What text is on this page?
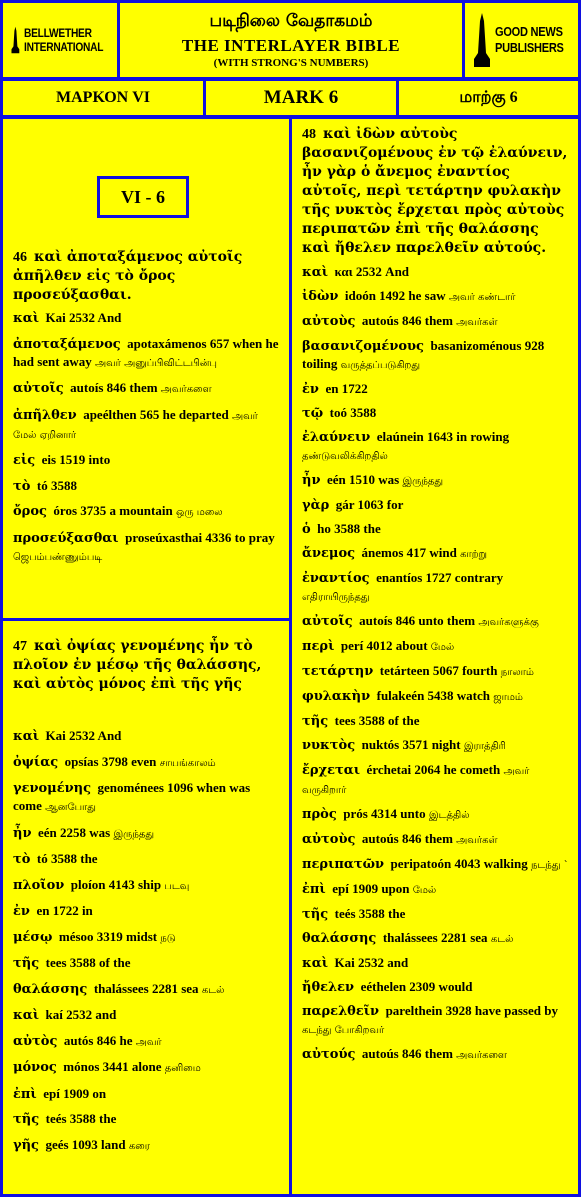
BELLWETHER
INTERNATIONAL
படிநிலை வேதாகமம்
THE INTERLAYER BIBLE
(WITH STRONG'S NUMBERS)
GOOD NEWS
PUBLISHERS
ΜΑΡΚΟΝ VI	MARK 6	மாற்கு 6
VI - 6
46 καὶ ἀποταξάμενος αὐτοῖς ἀπῆλθεν εἰς τὸ ὄρος προσεύξασθαι.
καὶ Kai 2532 And
ἀποταξάμενος apotaxámenos 657 when he had sent away அவர் அனுப்பிவிட்டபின்பு
αὐτοῖς autoís 846 them அவர்களை
ἀπῆλθεν apeélthen 565 he departed அவர் மேல் ஏறினார்
εἰς eis 1519 into
τὸ tó 3588
ὄρος óros 3735 a mountain ஒரு மலை
προσεύξασθαι proseúxasthai 4336 to pray ஜெபம்பண்ணும்படி
47 καὶ ὀψίας γενομένης ἦν τὸ πλοῖον ἐν μέσῳ τῆς θαλάσσης, καὶ αὐτὸς μόνος ἐπὶ τῆς γῆς
καὶ Kai 2532 And
ὀψίας opsías 3798 even சாயங்காலம்
γενομένης genoménees 1096 when was come ஆனபோது
ἦν eén 2258 was இருந்தது
τὸ tó 3588 the
πλοῖον ploíon 4143 ship படவு
ἐν en 1722 in
μέσῳ mésoo 3319 midst நடு
τῆς tees 3588 of the
θαλάσσης thalássees 2281 sea கடல்
καὶ kaí 2532 and
αὐτὸς autós 846 he அவர்
μόνος mónos 3441 alone தனிமை
ἐπὶ epí 1909 on
τῆς teés 3588 the
γῆς geés 1093 land கரை
48 καὶ ἰδὼν αὐτοὺς βασανιζομένους ἐν τῷ ἐλαύνειν, ἦν γὰρ ὁ ἄνεμος ἐναντίος αὐτοῖς, περὶ τετάρτην φυλακὴν τῆς νυκτὸς ἔρχεται πρὸς αὐτοὺς περιπατῶν ἐπὶ τῆς θαλάσσης καὶ ἤθελεν παρελθεῖν αὐτούς.
καὶ και 2532 And
ἰδὼν idoón 1492 he saw அவர் கண்டார்
αὐτοὺς autoús 846 them அவர்கள்
βασανιζομένους basanizoménous 928 toiling வருத்தப்படுகிறது
ἐν en 1722
τῷ toó 3588
ἐλαύνειν elaúnein 1643 in rowing தண்டுவலிக்கிறதில்
ἦν eén 1510 was இருந்தது
γὰρ gár 1063 for
ὁ ho 3588 the
ἄνεμος ánemos 417 wind காற்று
ἐναντίος enantíos 1727 contrary எதிராயிருந்தது
αὐτοῖς autoís 846 unto them அவர்களுக்கு
περὶ perí 4012 about மேல்
τετάρτην tetárteen 5067 fourth நாலாம்
φυλακὴν fulakeén 5438 watch ஜாமம்
τῆς tees 3588 of the
νυκτὸς nuktós 3571 night இராத்திரி
ἔρχεται érchetai 2064 he cometh அவர் வருகிறார்
πρὸς prós 4314 unto இடத்தில்
αὐτοὺς autoús 846 them அவர்கள்
περιπατῶν peripatoón 4043 walking நடந்து `
ἐπὶ epí 1909 upon மேல்
τῆς teés 3588 the
θαλάσσης thalássees 2281 sea கடல்
καὶ Kai 2532 and
ἤθελεν eéthelen 2309 would
παρελθεῖν parelthein 3928 have passed by கடந்து போகிறவர்
αὐτούς autoús 846 them அவர்களை
